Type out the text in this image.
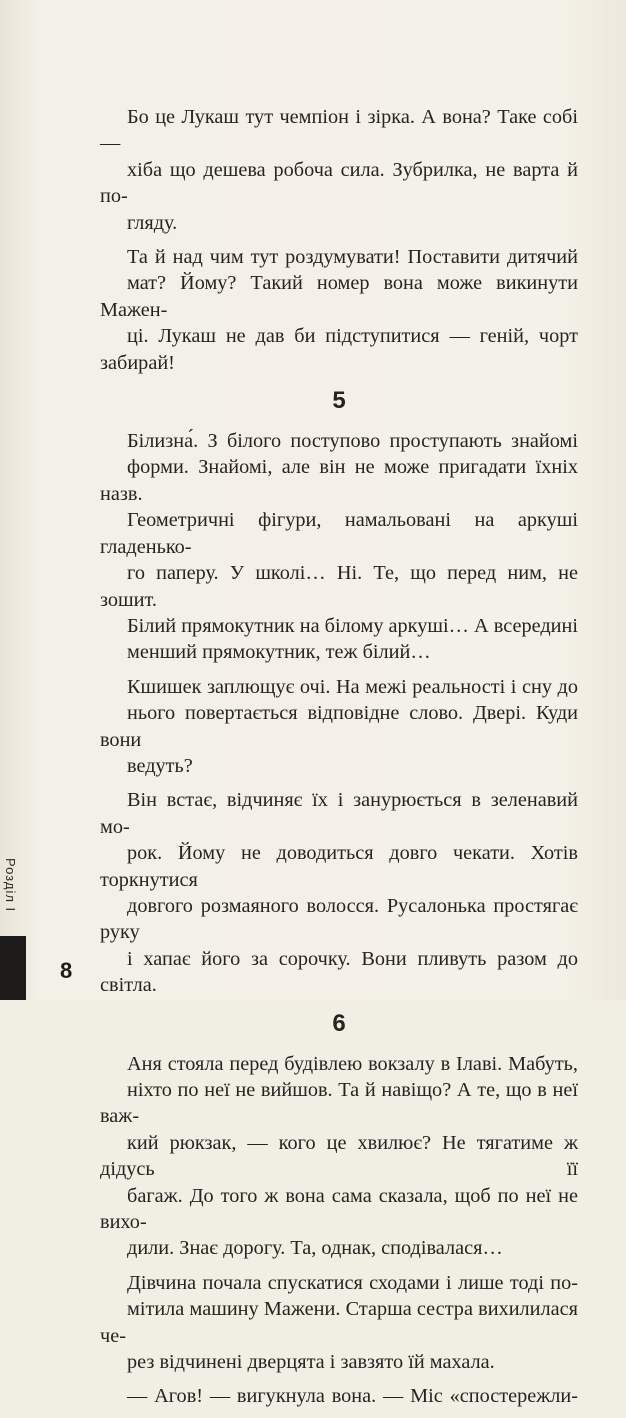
Бо це Лукаш тут чемпіон і зірка. А вона? Таке собі —
хіба що дешева робоча сила. Зубрилка, не варта й по-
гляду.

Та й над чим тут роздумувати! Поставити дитячий
мат? Йому? Такий номер вона може викинути Мажен-
ці. Лукаш не дав би підступитися — геній, чорт забирай!

5

Білизна́. З білого поступово проступають знайомі
форми. Знайомі, але він не може пригадати їхніх назв.
Геометричні фігури, намальовані на аркуші гладенько-
го паперу. У школі… Ні. Те, що перед ним, не зошит.
Білий прямокутник на білому аркуші… А всередині
менший прямокутник, теж білий…

Кшишек заплющує очі. На межі реальності і сну до
нього повертається відповідне слово. Двері. Куди вони
ведуть?

Він встає, відчиняє їх і занурюється в зеленавий мо-
рок. Йому не доводиться довго чекати. Хотів торкнутися
довгого розмаяного волосся. Русалонька простягає руку
і хапає його за сорочку. Вони пливуть разом до світла.

6

Аня стояла перед будівлею вокзалу в Ілаві. Мабуть,
ніхто по неї не вийшов. Та й навіщо? А те, що в неї важ-
кий рюкзак, — кого це хвилює? Не тягатиме ж дідусь її
багаж. До того ж вона сама сказала, щоб по неї не вихо-
дили. Знає дорогу. Та, однак, сподівалася…

Дівчина почала спускатися сходами і лише тоді по-
мітила машину Мажени. Старша сестра вихилилася че-
рез відчинені дверцята і завзято їй махала.

— Агов! — вигукнула вона. — Міс «спостережли-

Розділ I
8
